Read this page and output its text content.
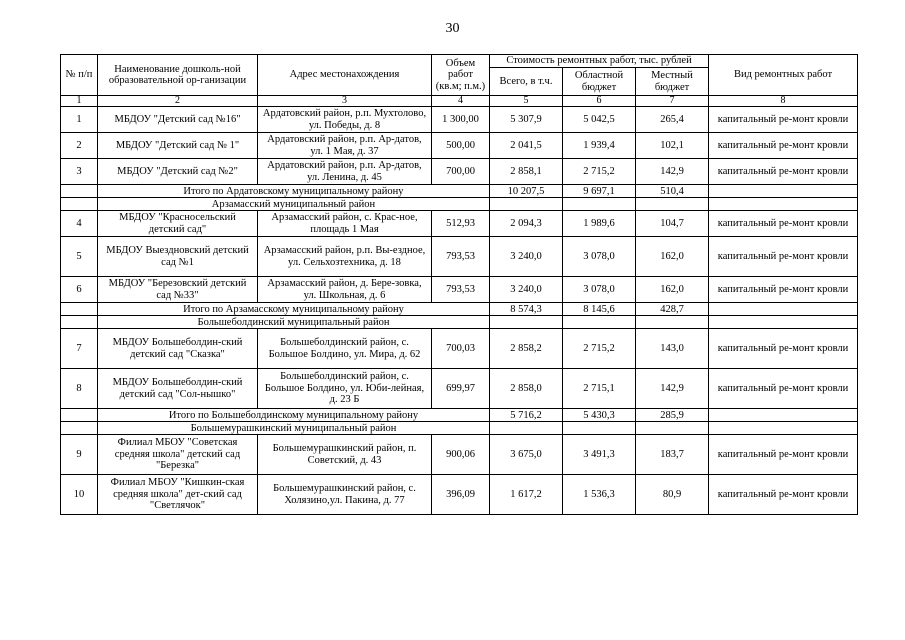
30
№ п/п	Наименование дошколь-ной образовательной ор-ганизации	Адрес местонахождения	Объем работ (кв.м; п.м.)	Стоимость ремонтных работ, тыс. рублей			Вид ремонтных работ
				Всего, в т.ч.	Областной бюджет	Местный бюджет	
1	2	3	4	5	6	7	8
1	МБДОУ "Детский сад №16"	Ардатовский район, р.п. Мухтолово, ул. Победы, д. 8	1 300,00	5 307,9	5 042,5	265,4	капитальный ре-монт кровли
2	МБДОУ "Детский сад № 1"	Ардатовский район, р.п. Ар-датов, ул. 1 Мая, д. 37	500,00	2 041,5	1 939,4	102,1	капитальный ре-монт кровли
3	МБДОУ "Детский сад №2"	Ардатовский район, р.п. Ар-датов, ул. Ленина, д. 45	700,00	2 858,1	2 715,2	142,9	капитальный ре-монт кровли
	Итого по Ардатовскому муниципальному району			10 207,5	9 697,1	510,4	
	Арзамасский муниципальный район						
4	МБДОУ "Красносельский детский сад"	Арзамасский район, с. Крас-ное, площадь 1 Мая	512,93	2 094,3	1 989,6	104,7	капитальный ре-монт кровли
5	МБДОУ Выездновский детский сад №1	Арзамасский район, р.п. Вы-ездное, ул. Сельхозтехника, д. 18	793,53	3 240,0	3 078,0	162,0	капитальный ре-монт кровли
6	МБДОУ "Березовский детский сад №33"	Арзамасский район, д. Бере-зовка, ул. Школьная, д. 6	793,53	3 240,0	3 078,0	162,0	капитальный ре-монт кровли
	Итого по Арзамасскому муниципальному району			8 574,3	8 145,6	428,7	
	Большеболдинский муниципальный район						
7	МБДОУ Большеболдин-ский детский сад "Сказка"	Большеболдинский район, с. Большое Болдино, ул. Мира, д. 62	700,03	2 858,2	2 715,2	143,0	капитальный ре-монт кровли
8	МБДОУ Большеболдин-ский детский сад "Сол-нышко"	Большеболдинский район, с. Большое Болдино, ул. Юби-лейная, д. 23 Б	699,97	2 858,0	2 715,1	142,9	капитальный ре-монт кровли
	Итого по Большеболдинскому муниципальному району			5 716,2	5 430,3	285,9	
	Большемурашкинский муниципальный район						
9	Филиал МБОУ "Советская средняя школа" детский сад "Березка"	Большемурашкинский район, п. Советский, д. 43	900,06	3 675,0	3 491,3	183,7	капитальный ре-монт кровли
10	Филиал МБОУ "Кишкин-ская средняя школа" дет-ский сад "Светлячок"	Большемурашкинский район, с. Холязино,ул. Пакина, д. 77	396,09	1 617,2	1 536,3	80,9	капитальный ре-монт кровли
